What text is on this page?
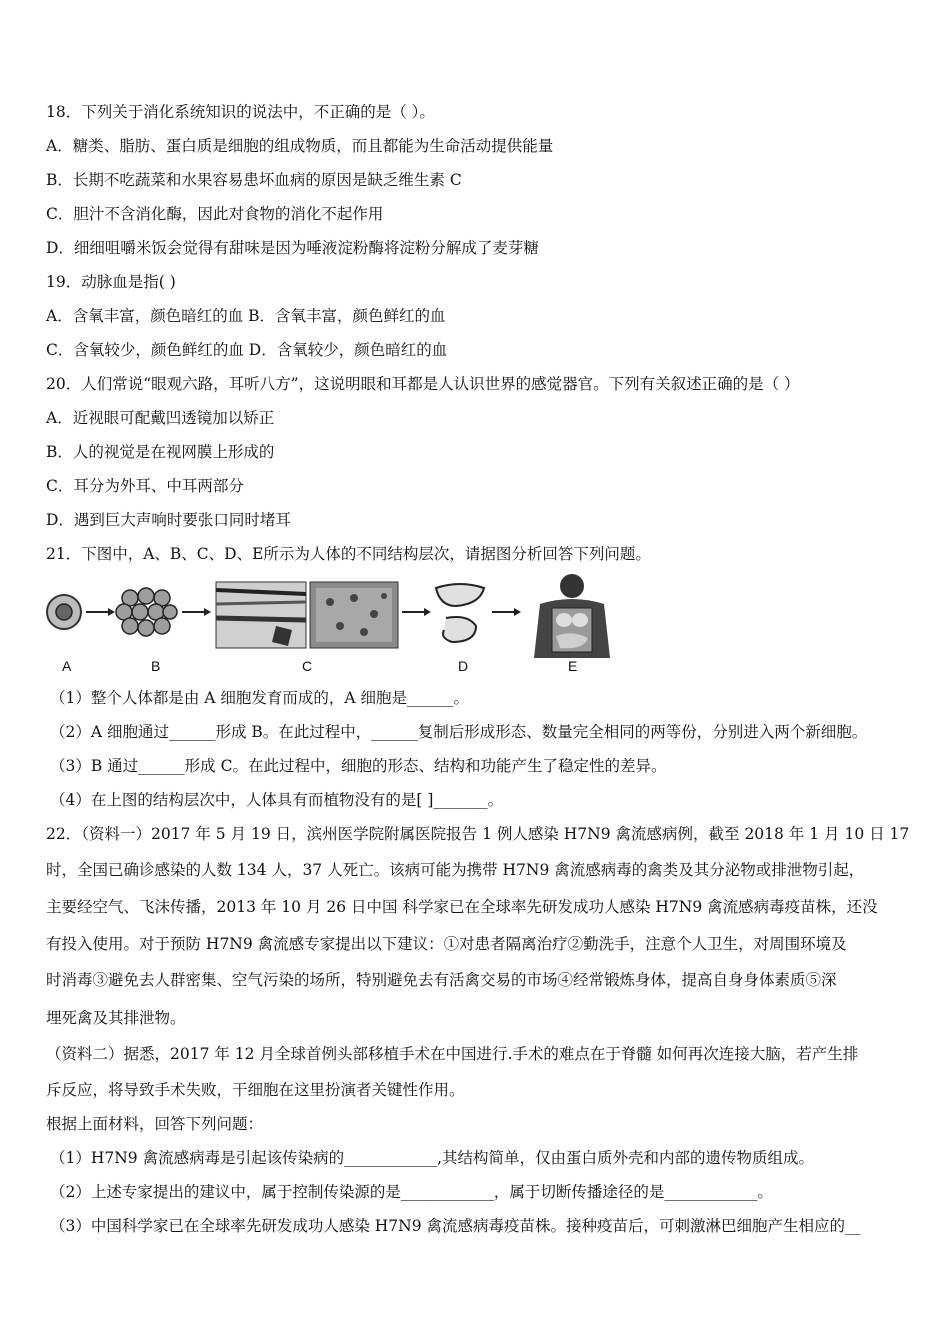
18．下列关于消化系统知识的说法中，不正确的是（ ）。
A．糖类、脂肪、蛋白质是细胞的组成物质，而且都能为生命活动提供能量
B．长期不吃蔬菜和水果容易患坏血病的原因是缺乏维生素 C
C．胆汁不含消化酶，因此对食物的消化不起作用
D．细细咀嚼米饭会觉得有甜味是因为唾液淀粉酶将淀粉分解成了麦芽糖
19．动脉血是指( )
A．含氧丰富，颜色暗红的血 B．含氧丰富，颜色鲜红的血
C．含氧较少，颜色鲜红的血 D．含氧较少，颜色暗红的血
20．人们常说“眼观六路，耳听八方”，这说明眼和耳都是人认识世界的感觉器官。下列有关叙述正确的是（ ）
A．近视眼可配戴凹透镜加以矫正
B．人的视觉是在视网膜上形成的
C．耳分为外耳、中耳两部分
D．遇到巨大声响时要张口同时堵耳
21．下图中，A、B、C、D、E所示为人体的不同结构层次，请据图分析回答下列问题。
A	B	C	D	E
（1）整个人体都是由 A 细胞发育而成的，A 细胞是______。
（2）A 细胞通过______形成 B。在此过程中，______复制后形成形态、数量完全相同的两等份，分别进入两个新细胞。
（3）B 通过______形成 C。在此过程中，细胞的形态、结构和功能产生了稳定性的差异。
（4）在上图的结构层次中，人体具有而植物没有的是[ ]_______。
22．（资料一）2017 年 5 月 19 日，滨州医学院附属医院报告 1 例人感染 H7N9 禽流感病例，截至 2018 年 1 月 10 日 17
时，全国已确诊感染的人数 134 人，37 人死亡。该病可能为携带 H7N9 禽流感病毒的禽类及其分泌物或排泄物引起，
主要经空气、飞沫传播，2013 年 10 月 26 日中国 科学家已在全球率先研发成功人感染 H7N9 禽流感病毒疫苗株，还没
有投入使用。对于预防 H7N9 禽流感专家提出以下建议：①对患者隔离治疗②勤洗手，注意个人卫生，对周围环境及
时消毒③避免去人群密集、空气污染的场所，特别避免去有活禽交易的市场④经常锻炼身体，提高自身身体素质⑤深
埋死禽及其排泄物。
（资料二）据悉，2017 年 12 月全球首例头部移植手术在中国进行.手术的难点在于脊髓 如何再次连接大脑，若产生排
斥反应，将导致手术失败，干细胞在这里扮演者关键性作用。
根据上面材料，回答下列问题：
（1）H7N9 禽流感病毒是引起该传染病的____________,其结构简单，仅由蛋白质外壳和内部的遗传物质组成。
（2）上述专家提出的建议中，属于控制传染源的是____________，属于切断传播途径的是____________。
（3）中国科学家已在全球率先研发成功人感染 H7N9 禽流感病毒疫苗株。接种疫苗后，可刺激淋巴细胞产生相应的__
